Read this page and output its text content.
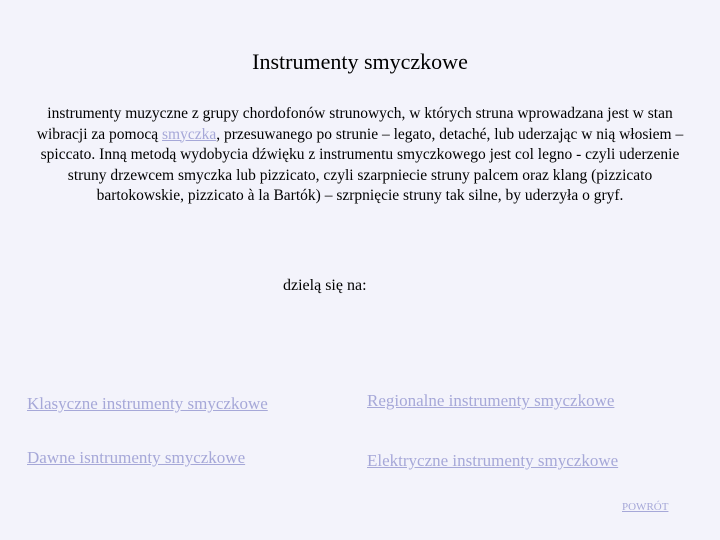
Instrumenty smyczkowe

instrumenty muzyczne z grupy chordofonów strunowych, w których struna wprowadzana jest w stan wibracji za pomocą smyczka, przesuwanego po strunie – legato, detaché, lub uderzając w nią włosiem – spiccato. Inną metodą wydobycia dźwięku z instrumentu smyczkowego jest col legno - czyli uderzenie struny drzewcem smyczka lub pizzicato, czyli szarpniecie struny palcem oraz klang (pizzicato bartokowskie, pizzicato à la Bartók) – szrpnięcie struny tak silne, by uderzyła o gryf.

dzielą się na:
Klasyczne instrumenty smyczkowe	Regionalne instrumenty smyczkowe
Dawne isntrumenty smyczkowe	Elektryczne instrumenty smyczkowe
POWRÓT
